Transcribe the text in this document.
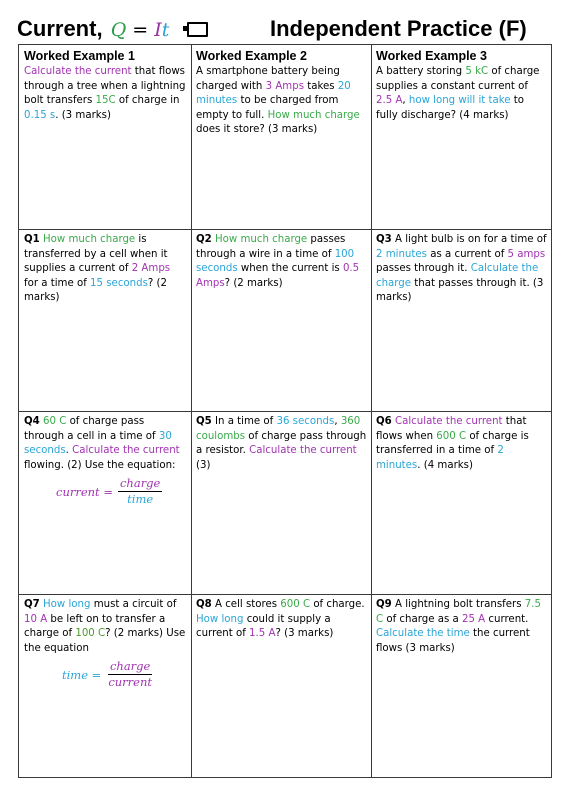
Current, Q = It	Independent Practice (F)
Worked Example 1
Calculate the current that flows through a tree when a lightning bolt transfers 15C of charge in 0.15 s. (3 marks)
Worked Example 2
A smartphone battery being charged with 3 Amps takes 20 minutes to be charged from empty to full. How much charge does it store? (3 marks)
Worked Example 3
A battery storing 5 kC of charge supplies a constant current of 2.5 A, how long will it take to fully discharge? (4 marks)
Q1 How much charge is transferred by a cell when it supplies a current of 2 Amps for a time of 15 seconds? (2 marks)
Q2 How much charge passes through a wire in a time of 100 seconds when the current is 0.5 Amps? (2 marks)
Q3 A light bulb is on for a time of 2 minutes as a current of 5 amps passes through it. Calculate the charge that passes through it. (3 marks)
Q4 60 C of charge pass through a cell in a time of 30 seconds. Calculate the current flowing. (2) Use the equation:
current = $\frac{\text{charge}}{\text{time}}$
Q5 In a time of 36 seconds, 360 coulombs of charge pass through a resistor. Calculate the current (3)
Q6 Calculate the current that flows when 600 C of charge is transferred in a time of 2 minutes. (4 marks)
Q7 How long must a circuit of 10 A be left on to transfer a charge of 100 C? (2 marks) Use the equation
time = $\frac{\text{charge}}{\text{current}}$
Q8 A cell stores 600 C of charge. How long could it supply a current of 1.5 A? (3 marks)
Q9 A lightning bolt transfers 7.5 C of charge as a 25 A current. Calculate the time the current flows (3 marks)
